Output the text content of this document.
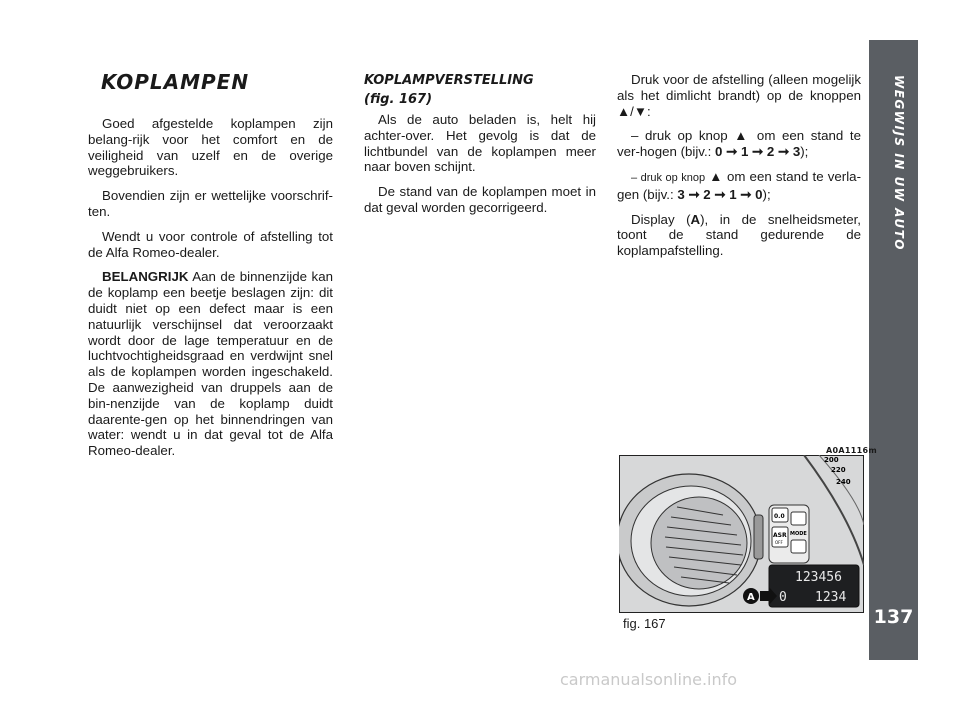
WEGWIJS IN UW AUTO
137
KOPLAMPEN

Goed afgestelde koplampen zijn belang-rijk voor het comfort en de veiligheid van uzelf en de overige weggebruikers.

Bovendien zijn er wettelijke voorschrif-ten.

Wendt u voor controle of afstelling tot de Alfa Romeo-dealer.

BELANGRIJK Aan de binnenzijde kan de koplamp een beetje beslagen zijn: dit duidt niet op een defect maar is een natuurlijk verschijnsel dat veroorzaakt wordt door de lage temperatuur en de luchtvochtigheidsgraad en verdwijnt snel als de koplampen worden ingeschakeld. De aanwezigheid van druppels aan de bin-nenzijde van de koplamp duidt daarente-gen op het binnendringen van water: wendt u in dat geval tot de Alfa Romeo-dealer.

KOPLAMPVERSTELLING
(fig. 167)

Als de auto beladen is, helt hij achter-over. Het gevolg is dat de lichtbundel van de koplampen meer naar boven schijnt.

De stand van de koplampen moet in dat geval worden gecorrigeerd.

Druk voor de afstelling (alleen mogelijk als het dimlicht brandt) op de knoppen ▲/▼:

– druk op knop ▲ om een stand te ver-hogen (bijv.: 0 ➞ 1 ➞ 2 ➞ 3);

– druk op knop ▲ om een stand te verla-gen (bijv.: 3 ➞ 2 ➞ 1 ➞ 0);

Display (A), in de snelheidsmeter, toont de stand gedurende de koplampafstelling.

A0A1116m
200
220
240
0.0
ASR
OFF
MODE
123456
0 1234
A
fig. 167
carmanualsonline.info
